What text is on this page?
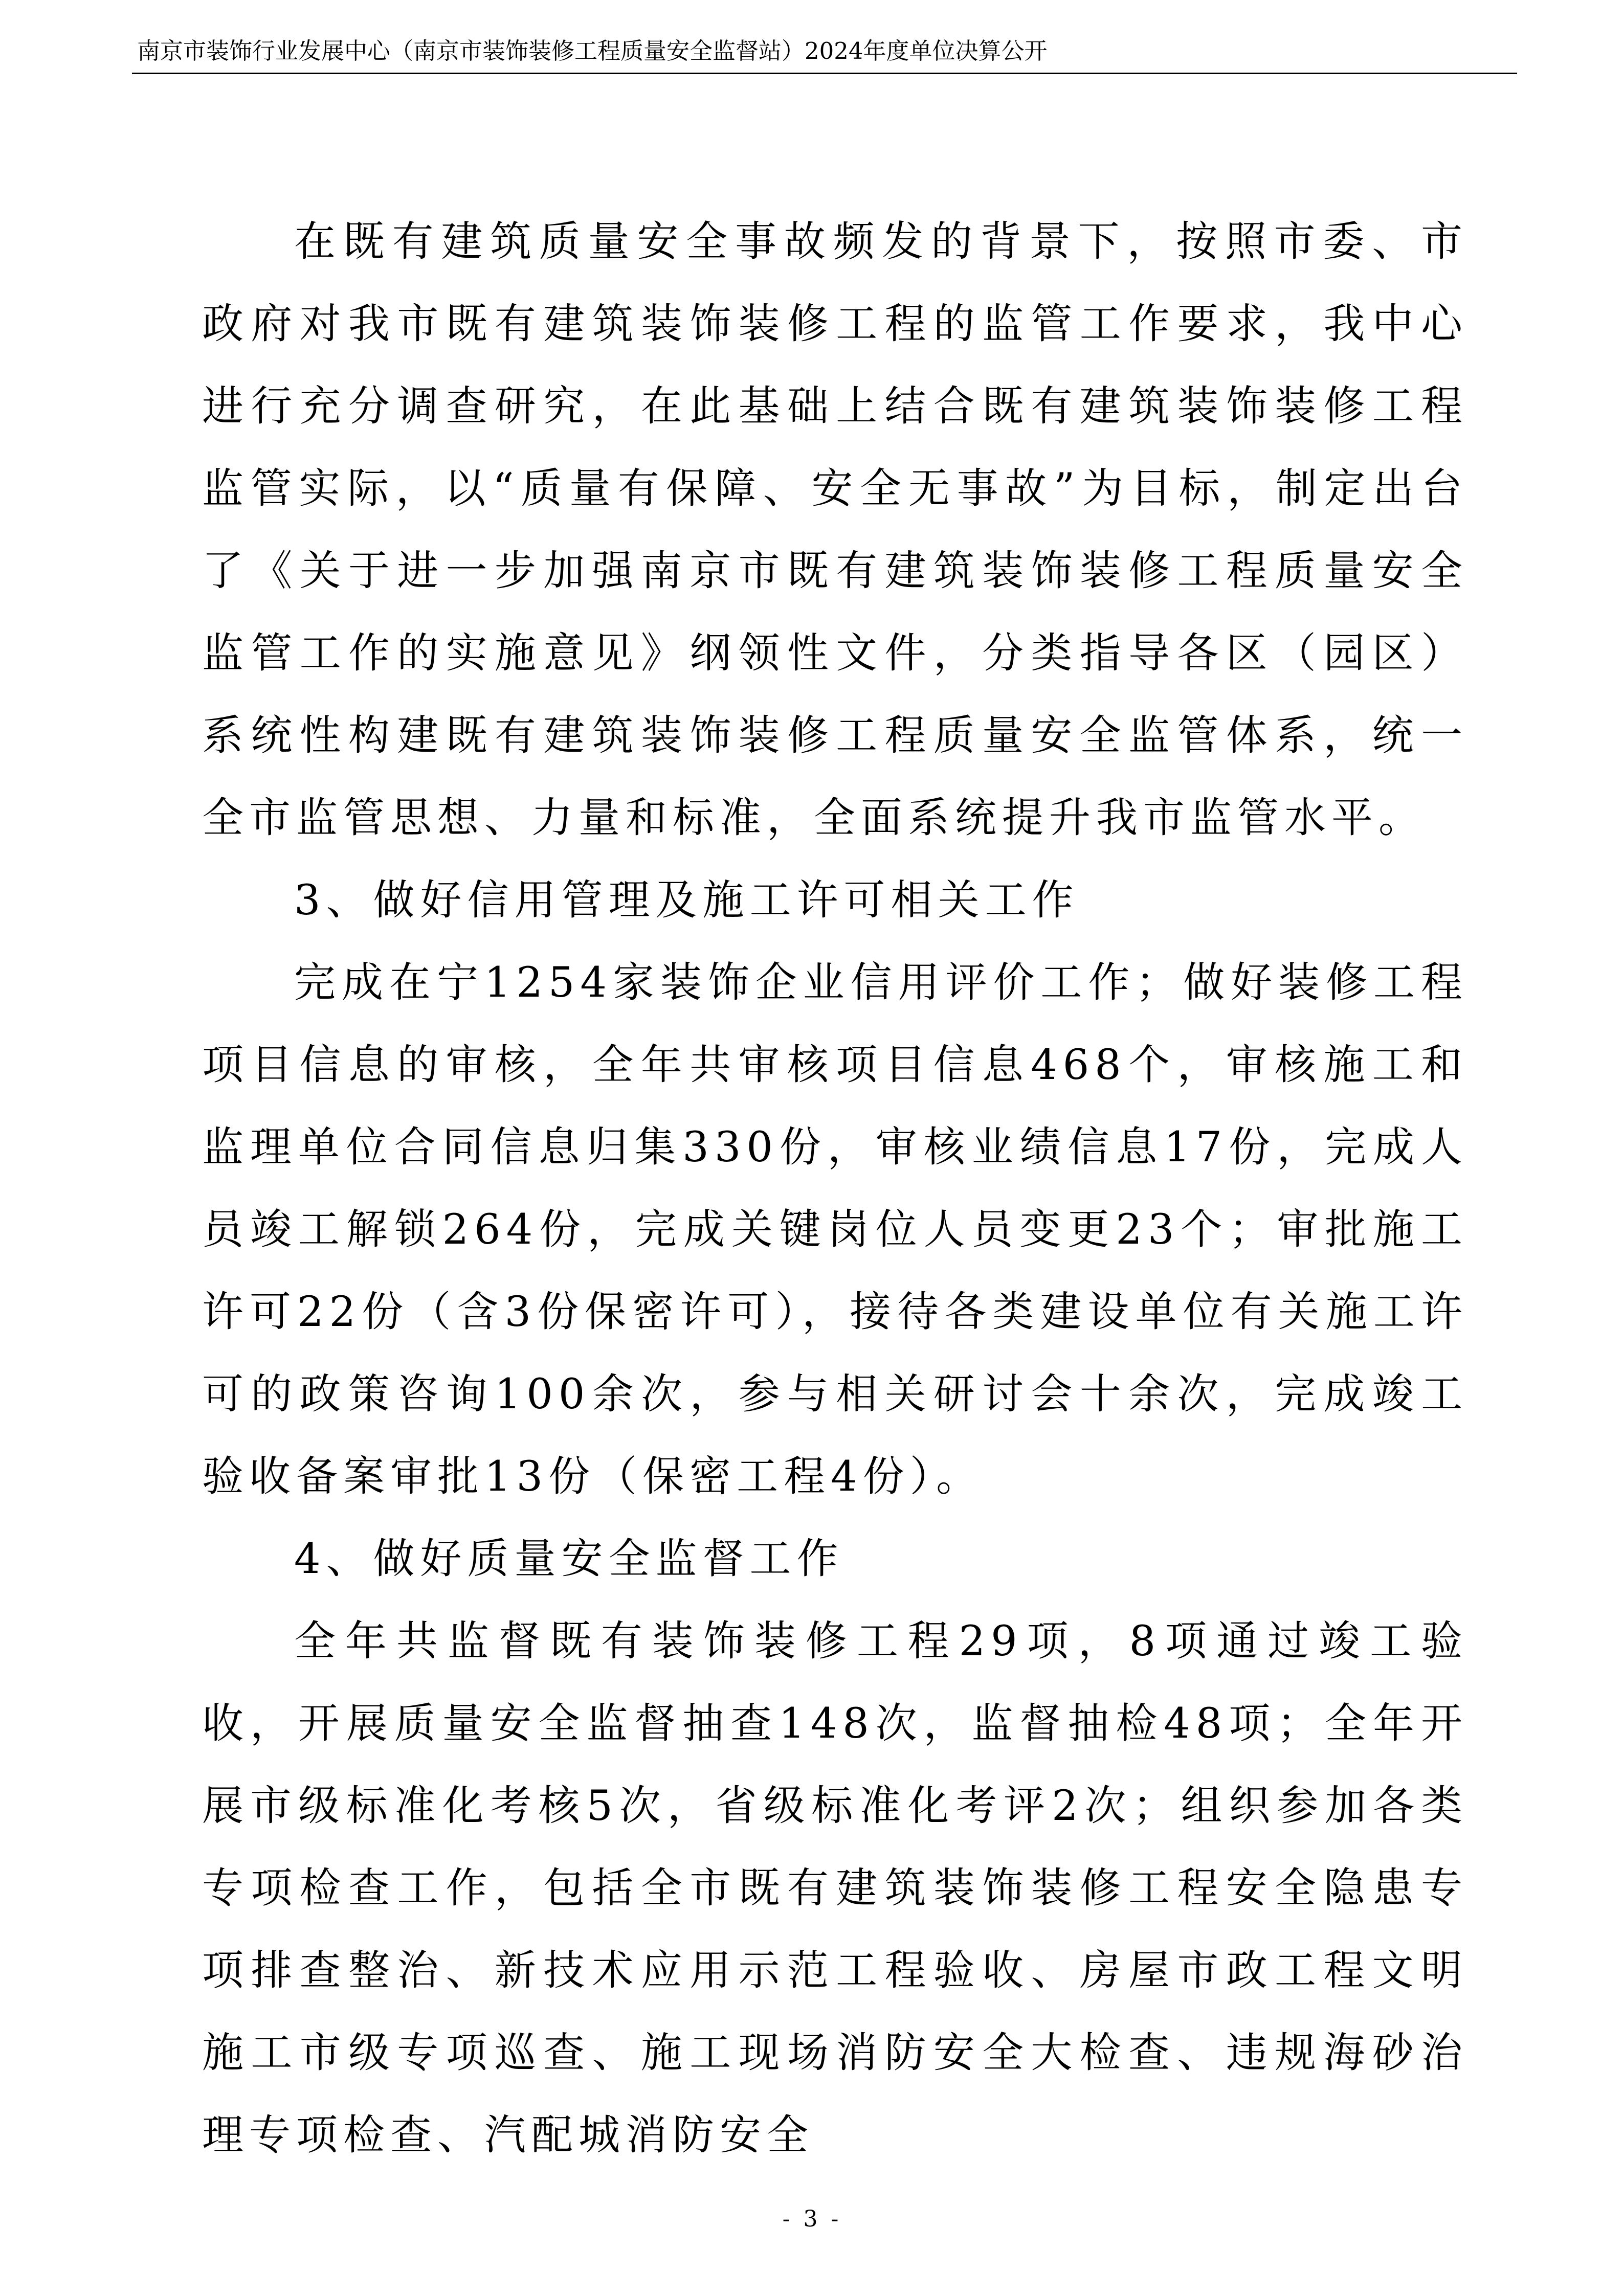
南京市装饰行业发展中心（南京市装饰装修工程质量安全监督站）2024年度单位决算公开

在既有建筑质量安全事故频发的背景下，按照市委、市政府对我市既有建筑装饰装修工程的监管工作要求，我中心进行充分调查研究，在此基础上结合既有建筑装饰装修工程监管实际，以“质量有保障、安全无事故”为目标，制定出台了《关于进一步加强南京市既有建筑装饰装修工程质量安全监管工作的实施意见》纲领性文件，分类指导各区（园区）系统性构建既有建筑装饰装修工程质量安全监管体系，统一全市监管思想、力量和标准，全面系统提升我市监管水平。

3、做好信用管理及施工许可相关工作

完成在宁1254家装饰企业信用评价工作；做好装修工程项目信息的审核，全年共审核项目信息468个，审核施工和监理单位合同信息归集330份，审核业绩信息17份，完成人员竣工解锁264份，完成关键岗位人员变更23个；审批施工许可22份（含3份保密许可），接待各类建设单位有关施工许可的政策咨询100余次，参与相关研讨会十余次，完成竣工验收备案审批13份（保密工程4份）。

4、做好质量安全监督工作

全年共监督既有装饰装修工程29项，8项通过竣工验收，开展质量安全监督抽查148次，监督抽检48项；全年开展市级标准化考核5次，省级标准化考评2次；组织参加各类专项检查工作，包括全市既有建筑装饰装修工程安全隐患专项排查整治、新技术应用示范工程验收、房屋市政工程文明施工市级专项巡查、施工现场消防安全大检查、违规海砂治理专项检查、汽配城消防安全

- 3 -
